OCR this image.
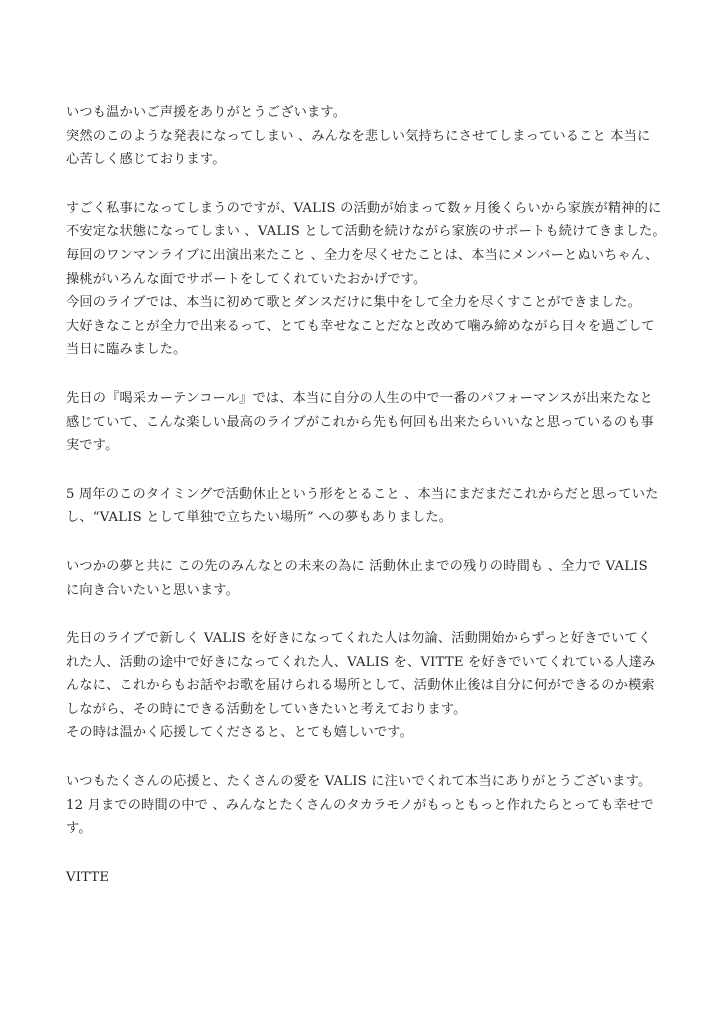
いつも温かいご声援をありがとうございます。
突然のこのような発表になってしまい 、みんなを悲しい気持ちにさせてしまっていること 本当に
心苦しく感じております。
すごく私事になってしまうのですが、VALIS の活動が始まって数ヶ月後くらいから家族が精神的に
不安定な状態になってしまい 、VALIS として活動を続けながら家族のサポートも続けてきました。
毎回のワンマンライブに出演出来たこと 、全力を尽くせたことは、本当にメンバーとぬいちゃん、
操桃がいろんな面でサポートをしてくれていたおかげです。
今回のライブでは、本当に初めて歌とダンスだけに集中をして全力を尽くすことができました。
大好きなことが全力で出来るって、とても幸せなことだなと改めて噛み締めながら日々を過ごして
当日に臨みました。
先日の『喝采カーテンコール』では、本当に自分の人生の中で一番のパフォーマンスが出来たなと
感じていて、こんな楽しい最高のライブがこれから先も何回も出来たらいいなと思っているのも事
実です。
5 周年のこのタイミングで活動休止という形をとること 、本当にまだまだこれからだと思っていた
し、“VALIS として単独で立ちたい場所” への夢もありました。
いつかの夢と共に この先のみんなとの未来の為に 活動休止までの残りの時間も 、全力で VALIS
に向き合いたいと思います。
先日のライブで新しく VALIS を好きになってくれた人は勿論、活動開始からずっと好きでいてく
れた人、活動の途中で好きになってくれた人、VALIS を、VITTE を好きでいてくれている人達み
んなに、これからもお話やお歌を届けられる場所として、活動休止後は自分に何ができるのか模索
しながら、その時にできる活動をしていきたいと考えております。
その時は温かく応援してくださると、とても嬉しいです。
いつもたくさんの応援と、たくさんの愛を VALIS に注いでくれて本当にありがとうございます。
12 月までの時間の中で 、みんなとたくさんのタカラモノがもっともっと作れたらとっても幸せで
す。
VITTE
